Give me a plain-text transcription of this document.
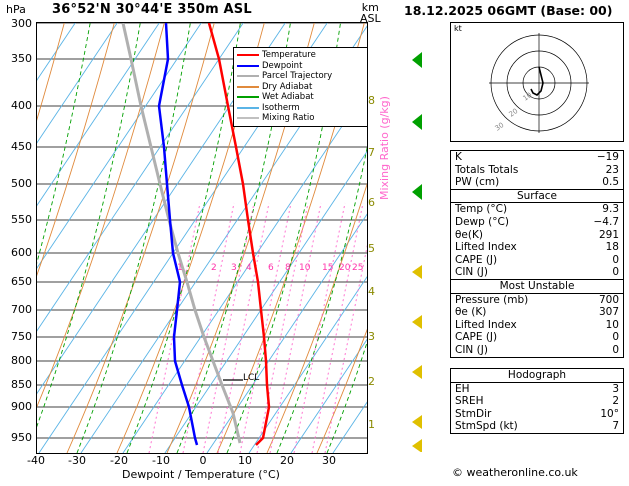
hPa 36°52'N 30°44'E 350m ASL	km
ASL
300
350
400
450
500
550
600
650
700
750
800
850
900
950
8
7
6
5
4
3
2
1
Mixing Ratio (g/kg)
-40	-30	-20	-10	0	10	20	30
Dewpoint / Temperature (°C)
Temperature
Dewpoint
Parcel Trajectory
Dry Adiabat
Wet Adiabat
Isotherm
Mixing Ratio
1	2 3 4 6 8 10 15 20 25
LCL
18.12.2025 06GMT (Base: 00)
kt
10
20
30
K	−19
Totals Totals	23
PW (cm)	0.5
Surface
Temp (°C)	9.3
Dewp (°C)	−4.7
θe(K)	291
Lifted Index	18
CAPE (J)	0
CIN (J)	0
Most Unstable
Pressure (mb)	700
θe (K)	307
Lifted Index	10
CAPE (J)	0
CIN (J)	0
Hodograph
EH	3
SREH	2
StmDir	10°
StmSpd (kt)	7
© weatheronline.co.uk
